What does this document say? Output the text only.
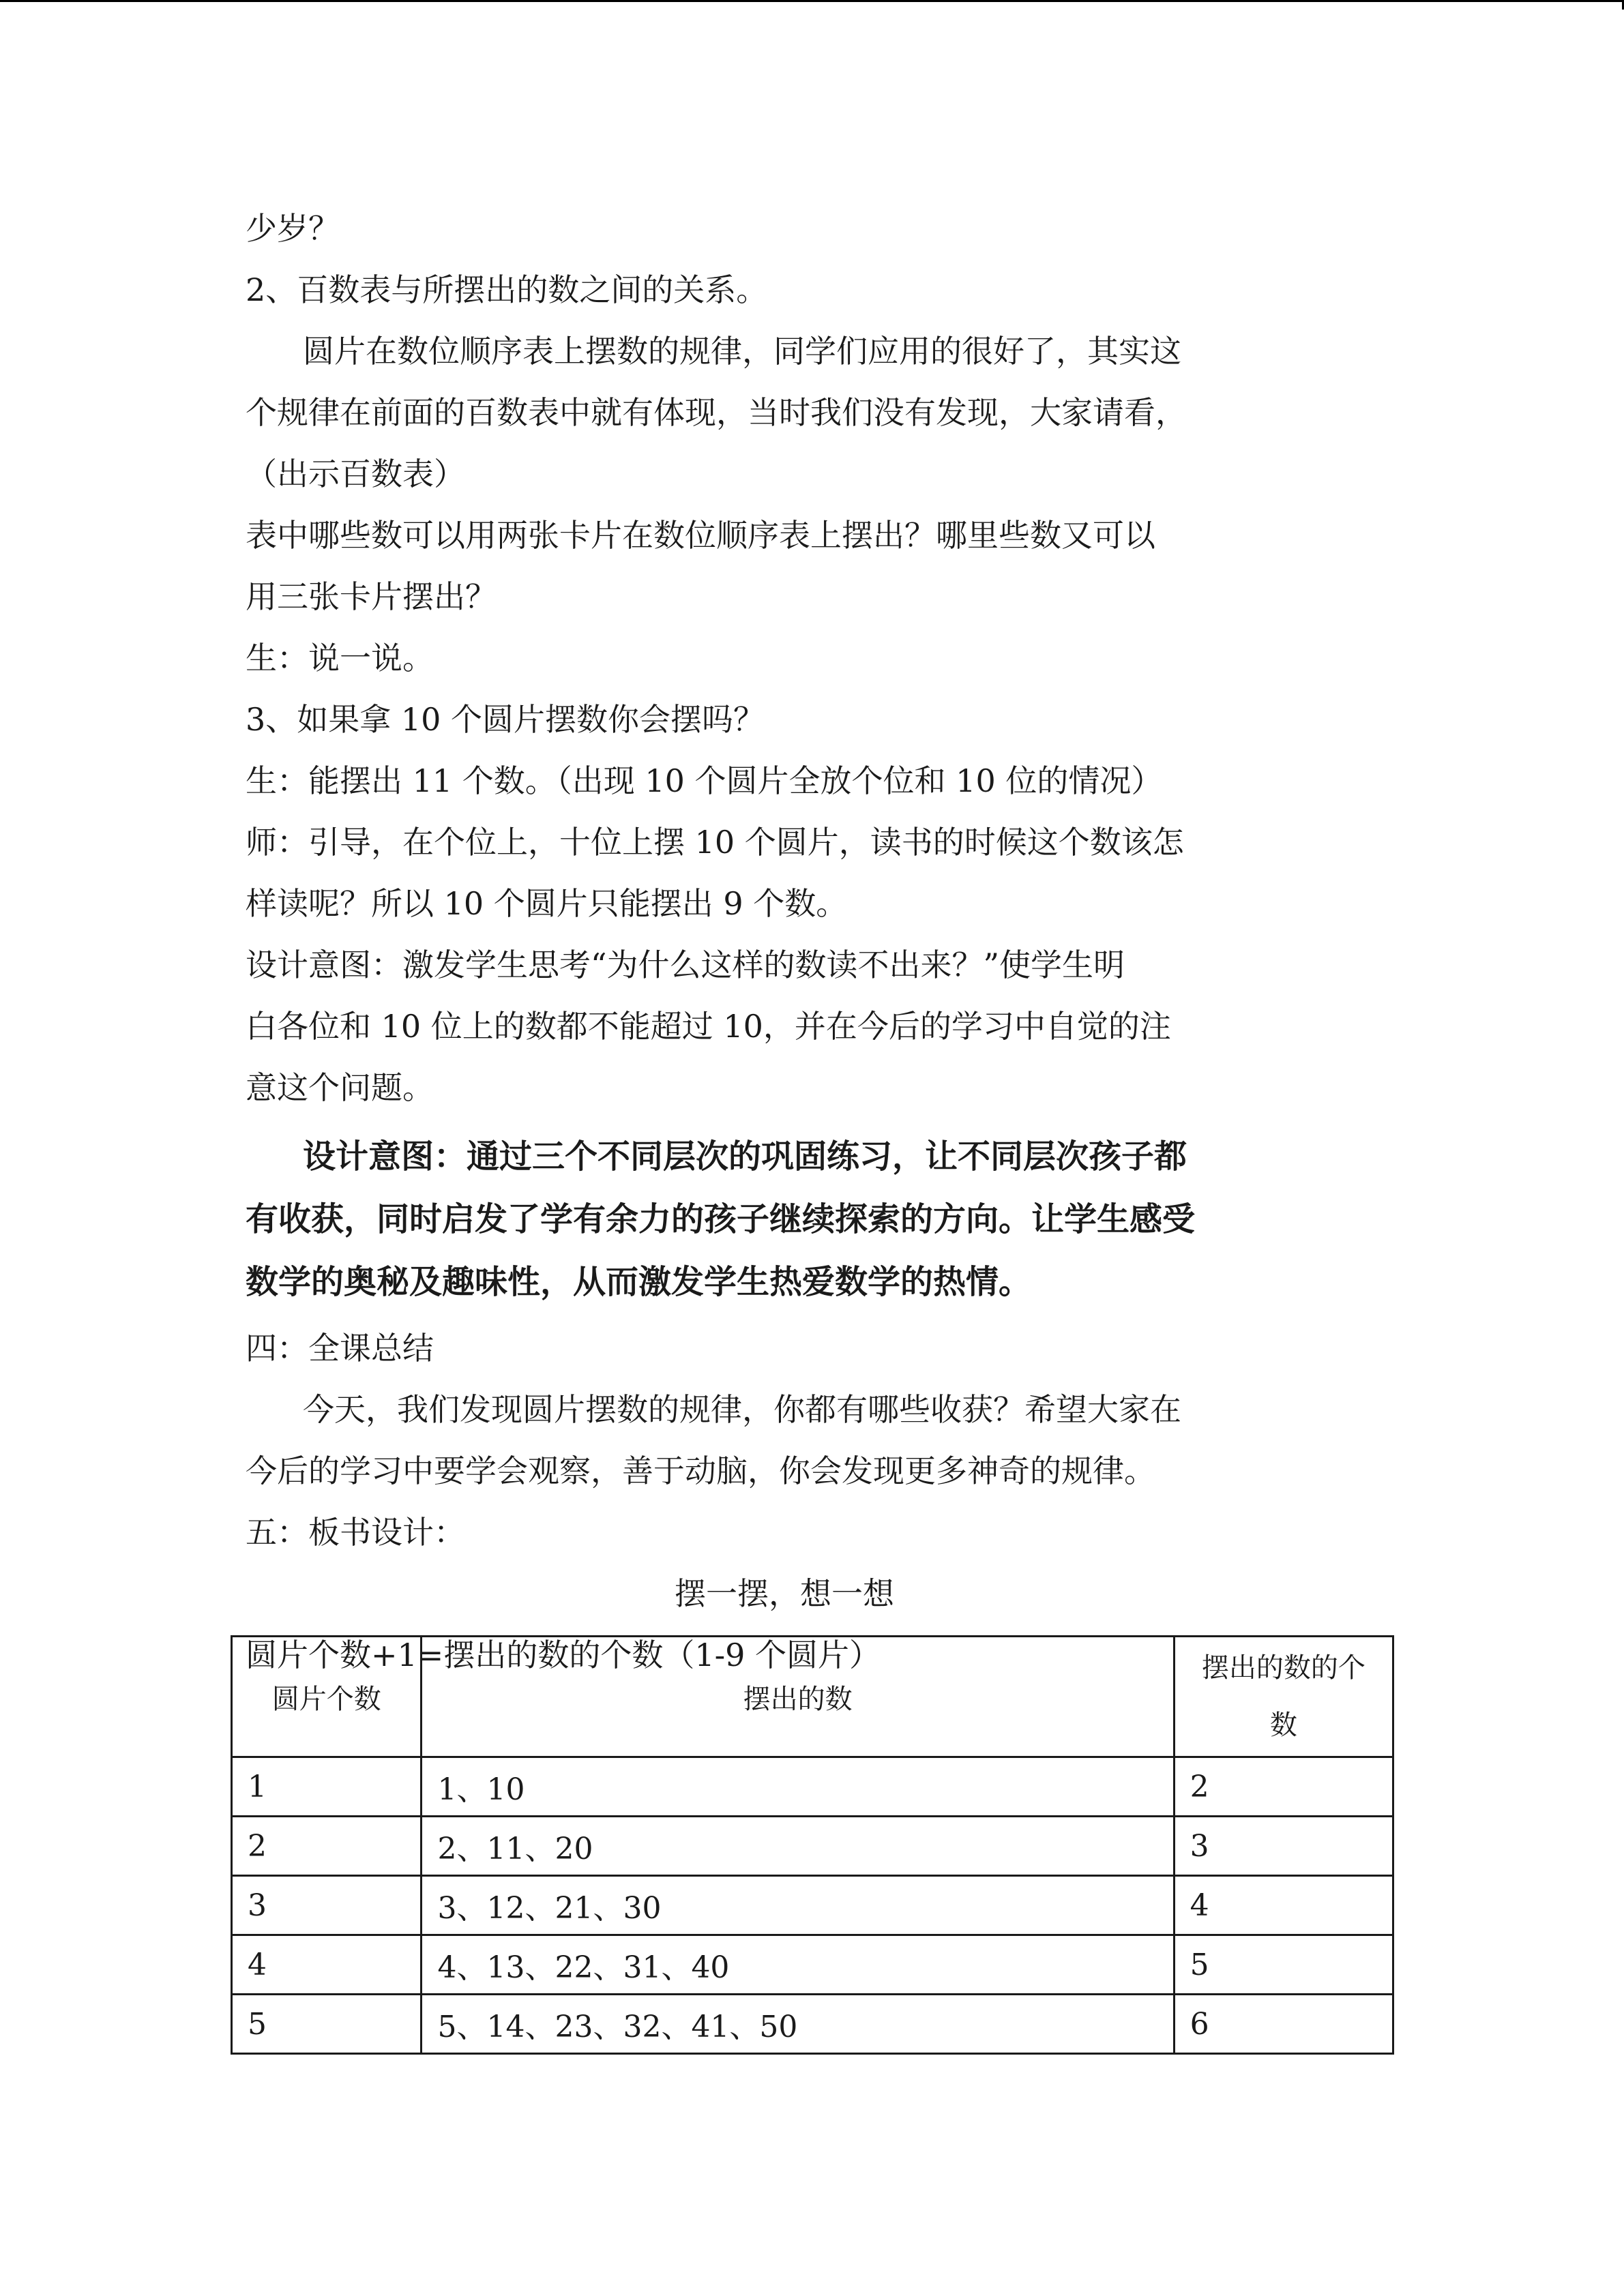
少岁？

2、百数表与所摆出的数之间的关系。

圆片在数位顺序表上摆数的规律，同学们应用的很好了，其实这

个规律在前面的百数表中就有体现，当时我们没有发现，大家请看，

（出示百数表）

表中哪些数可以用两张卡片在数位顺序表上摆出？哪里些数又可以

用三张卡片摆出？

生：说一说。

3、如果拿 10 个圆片摆数你会摆吗？

生：能摆出 11 个数。（出现 10 个圆片全放个位和 10 位的情况）

师：引导，在个位上，十位上摆 10 个圆片，读书的时候这个数该怎

样读呢？所以 10 个圆片只能摆出 9 个数。

设计意图：激发学生思考“为什么这样的数读不出来？”使学生明

白各位和 10 位上的数都不能超过 10，并在今后的学习中自觉的注

意这个问题。

设计意图：通过三个不同层次的巩固练习，让不同层次孩子都

有收获，同时启发了学有余力的孩子继续探索的方向。让学生感受

数学的奥秘及趣味性，从而激发学生热爱数学的热情。

四：全课总结

今天，我们发现圆片摆数的规律，你都有哪些收获？希望大家在

今后的学习中要学会观察，善于动脑，你会发现更多神奇的规律。

五：板书设计：

摆一摆，想一想

圆片个数+1=摆出的数的个数（1-9 个圆片）

圆片个数	摆出的数	摆出的数的个数
1	1、10	2
2	2、11、20	3
3	3、12、21、30	4
4	4、13、22、31、40	5
5	5、14、23、32、41、50	6
